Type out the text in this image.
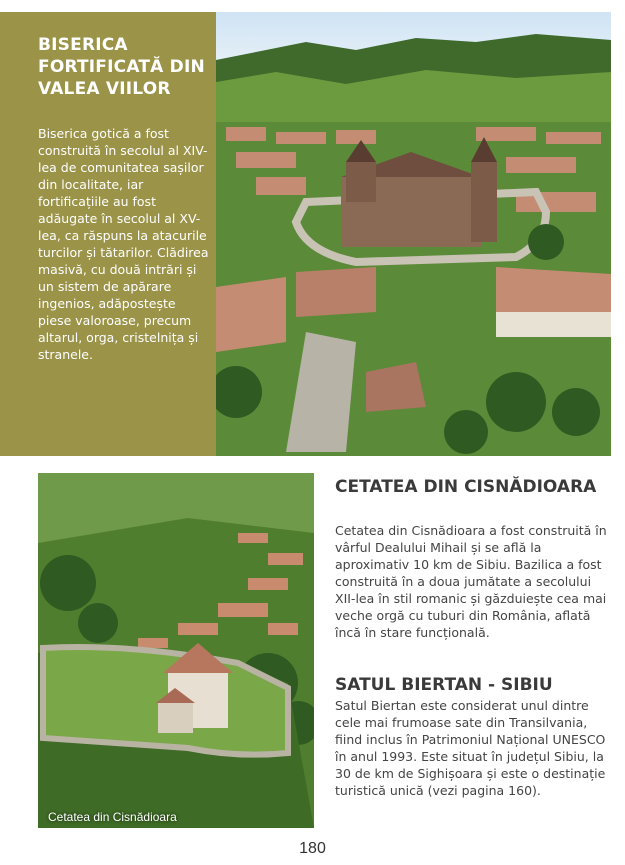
BISERICA FORTIFICATĂ DIN VALEA VIILOR

Biserica gotică a fost construită în secolul al XIV-lea de comunitatea sașilor din localitate, iar fortificațiile au fost adăugate în secolul al XV-lea, ca răspuns la atacurile turcilor și tătarilor. Clădirea masivă, cu două intrări și un sistem de apărare ingenios, adăpostește piese valoroase, precum altarul, orga, cristelnița și stranele.

Cetatea din Cisnădioara
CETATEA DIN CISNĂDIOARA

Cetatea din Cisnădioara a fost construită în vârful Dealului Mihail și se află la aproximativ 10 km de Sibiu. Bazilica a fost construită în a doua jumătate a secolului XII-lea în stil romanic și găzduiește cea mai veche orgă cu tuburi din România, aflată încă în stare funcțională.

SATUL BIERTAN - SIBIU

Satul Biertan este considerat unul dintre cele mai frumoase sate din Transilvania, fiind inclus în Patrimoniul Național UNESCO în anul 1993. Este situat în județul Sibiu, la 30 de km de Sighișoara și este o destinație turistică unică (vezi pagina 160).

180
